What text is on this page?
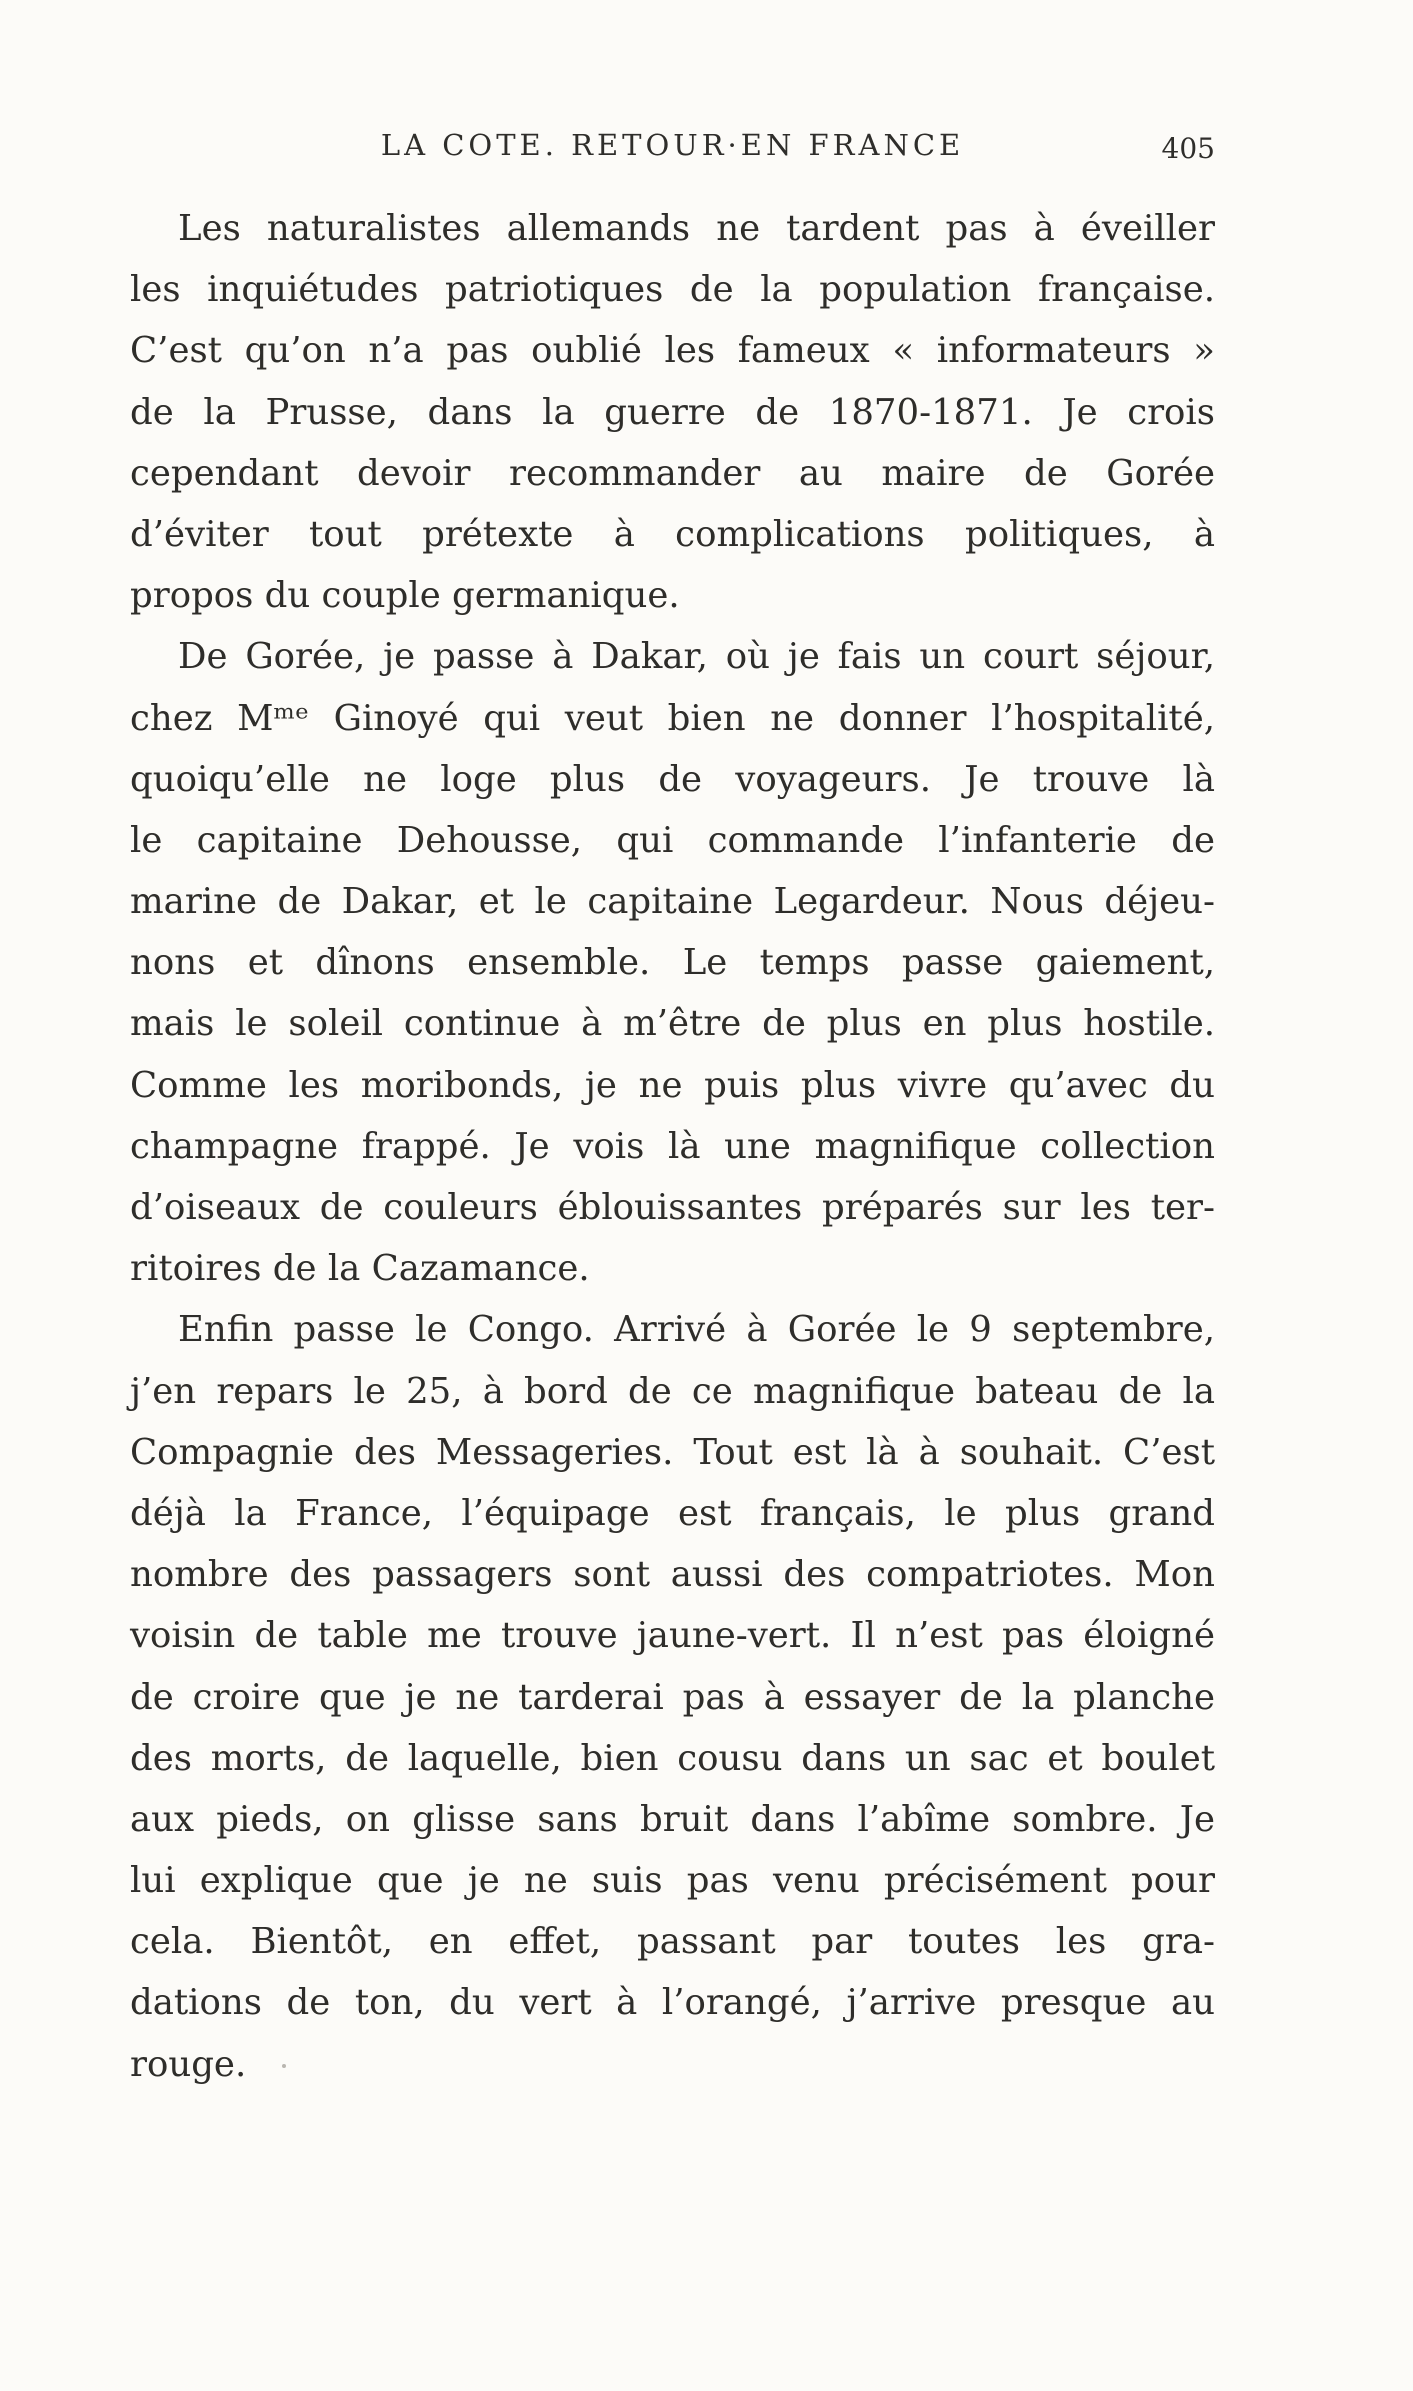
LA COTE. RETOUR·EN FRANCE	405
Les naturalistes allemands ne tardent pas à éveiller
les inquiétudes patriotiques de la population française.
C’est qu’on n’a pas oublié les fameux « informateurs »
de la Prusse, dans la guerre de 1870-1871. Je crois
cependant devoir recommander au maire de Gorée
d’éviter tout prétexte à complications politiques, à
propos du couple germanique.
De Gorée, je passe à Dakar, où je fais un court séjour,
chez Mᵐᵉ Ginoyé qui veut bien ne donner l’hospitalité,
quoiqu’elle ne loge plus de voyageurs. Je trouve là
le capitaine Dehousse, qui commande l’infanterie de
marine de Dakar, et le capitaine Legardeur. Nous déjeu-
nons et dînons ensemble. Le temps passe gaiement,
mais le soleil continue à m’être de plus en plus hostile.
Comme les moribonds, je ne puis plus vivre qu’avec du
champagne frappé. Je vois là une magnifique collection
d’oiseaux de couleurs éblouissantes préparés sur les ter-
ritoires de la Cazamance.
Enfin passe le Congo. Arrivé à Gorée le 9 septembre,
j’en repars le 25, à bord de ce magnifique bateau de la
Compagnie des Messageries. Tout est là à souhait. C’est
déjà la France, l’équipage est français, le plus grand
nombre des passagers sont aussi des compatriotes. Mon
voisin de table me trouve jaune-vert. Il n’est pas éloigné
de croire que je ne tarderai pas à essayer de la planche
des morts, de laquelle, bien cousu dans un sac et boulet
aux pieds, on glisse sans bruit dans l’abîme sombre. Je
lui explique que je ne suis pas venu précisément pour
cela. Bientôt, en effet, passant par toutes les gra-
dations de ton, du vert à l’orangé, j’arrive presque au
rouge.
